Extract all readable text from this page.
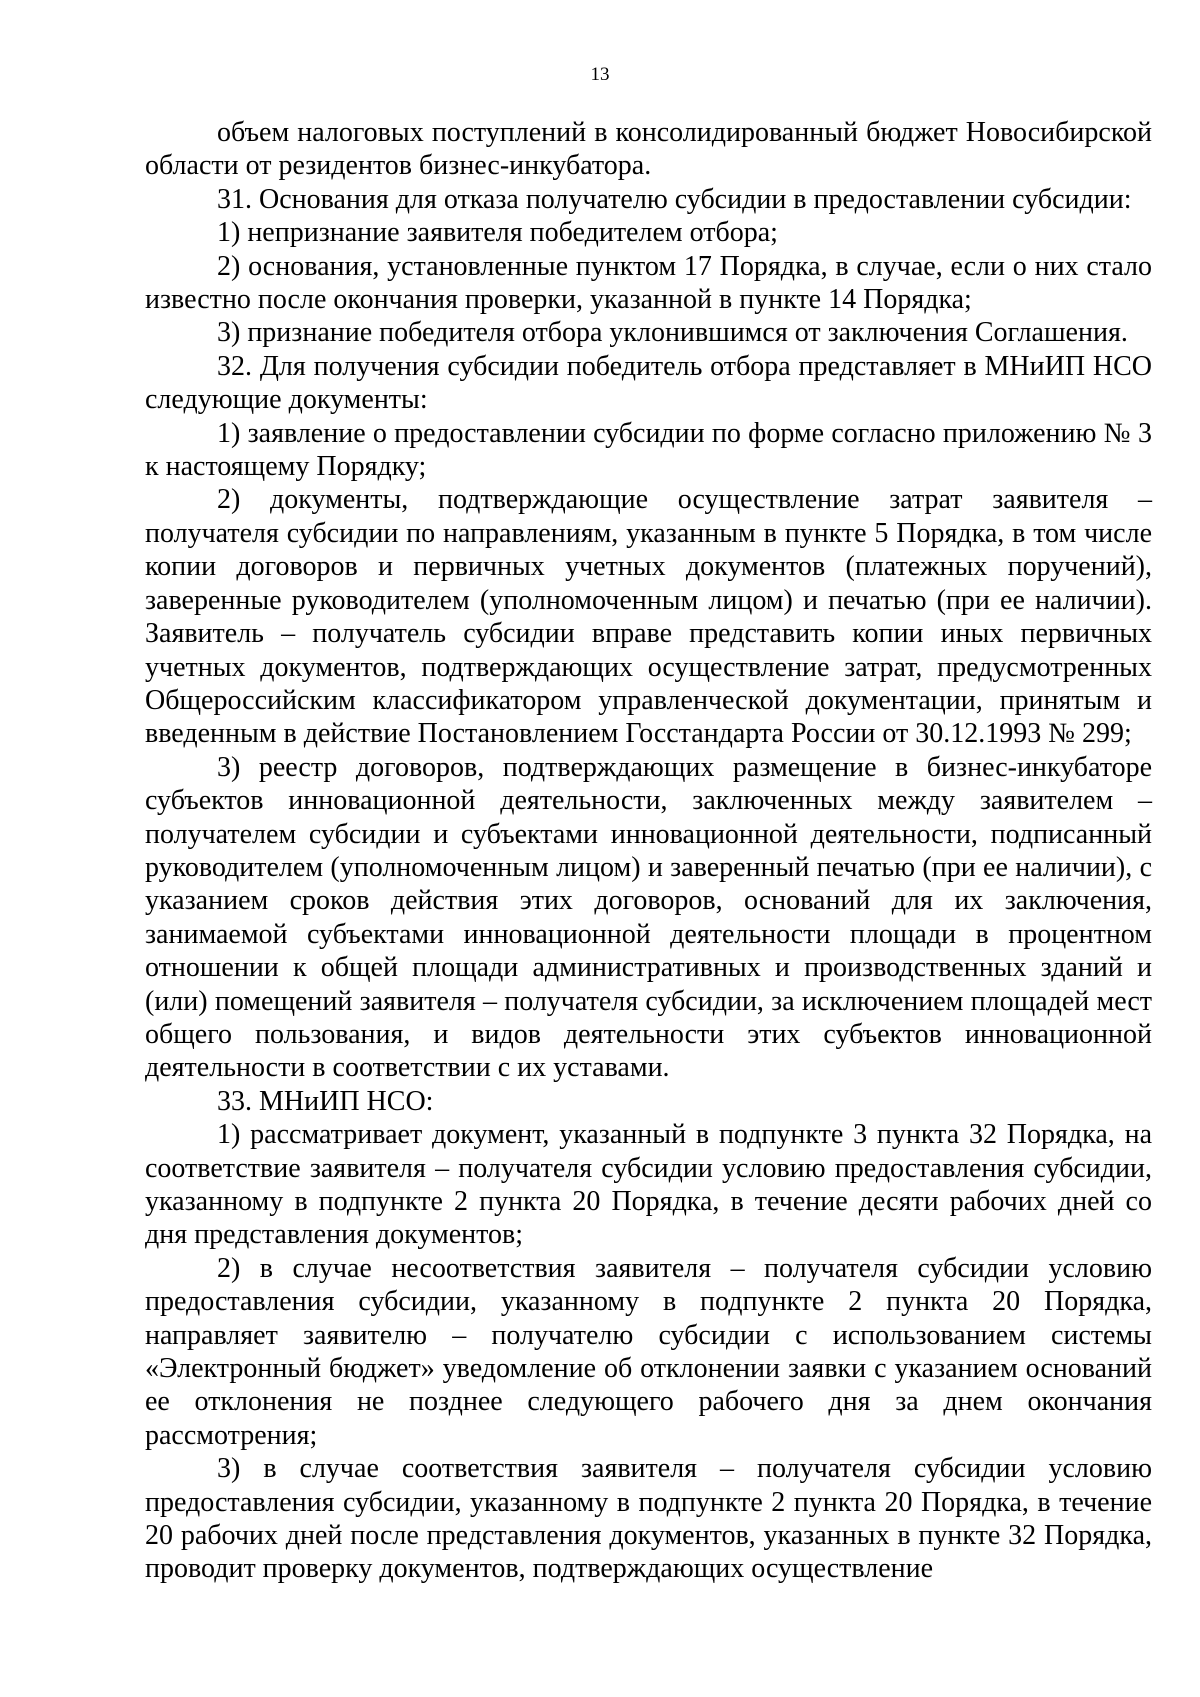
13

объем налоговых поступлений в консолидированный бюджет Новосибирской области от резидентов бизнес-инкубатора.

31. Основания для отказа получателю субсидии в предоставлении субсидии:

1) непризнание заявителя победителем отбора;

2) основания, установленные пунктом 17 Порядка, в случае, если о них стало известно после окончания проверки, указанной в пункте 14 Порядка;

3) признание победителя отбора уклонившимся от заключения Соглашения.

32. Для получения субсидии победитель отбора представляет в МНиИП НСО следующие документы:

1) заявление о предоставлении субсидии по форме согласно приложению № 3 к настоящему Порядку;

2) документы, подтверждающие осуществление затрат заявителя – получателя субсидии по направлениям, указанным в пункте 5 Порядка, в том числе копии договоров и первичных учетных документов (платежных поручений), заверенные руководителем (уполномоченным лицом) и печатью (при ее наличии). Заявитель – получатель субсидии вправе представить копии иных первичных учетных документов, подтверждающих осуществление затрат, предусмотренных Общероссийским классификатором управленческой документации, принятым и введенным в действие Постановлением Госстандарта России от 30.12.1993 № 299;

3) реестр договоров, подтверждающих размещение в бизнес-инкубаторе субъектов инновационной деятельности, заключенных между заявителем – получателем субсидии и субъектами инновационной деятельности, подписанный руководителем (уполномоченным лицом) и заверенный печатью (при ее наличии), с указанием сроков действия этих договоров, оснований для их заключения, занимаемой субъектами инновационной деятельности площади в процентном отношении к общей площади административных и производственных зданий и (или) помещений заявителя – получателя субсидии, за исключением площадей мест общего пользования, и видов деятельности этих субъектов инновационной деятельности в соответствии с их уставами.

33. МНиИП НСО:

1) рассматривает документ, указанный в подпункте 3 пункта 32 Порядка, на соответствие заявителя – получателя субсидии условию предоставления субсидии, указанному в подпункте 2 пункта 20 Порядка, в течение десяти рабочих дней со дня представления документов;

2) в случае несоответствия заявителя – получателя субсидии условию предоставления субсидии, указанному в подпункте 2 пункта 20 Порядка, направляет заявителю – получателю субсидии с использованием системы «Электронный бюджет» уведомление об отклонении заявки с указанием оснований ее отклонения не позднее следующего рабочего дня за днем окончания рассмотрения;

3) в случае соответствия заявителя – получателя субсидии условию предоставления субсидии, указанному в подпункте 2 пункта 20 Порядка, в течение 20 рабочих дней после представления документов, указанных в пункте 32 Порядка, проводит проверку документов, подтверждающих осуществление
